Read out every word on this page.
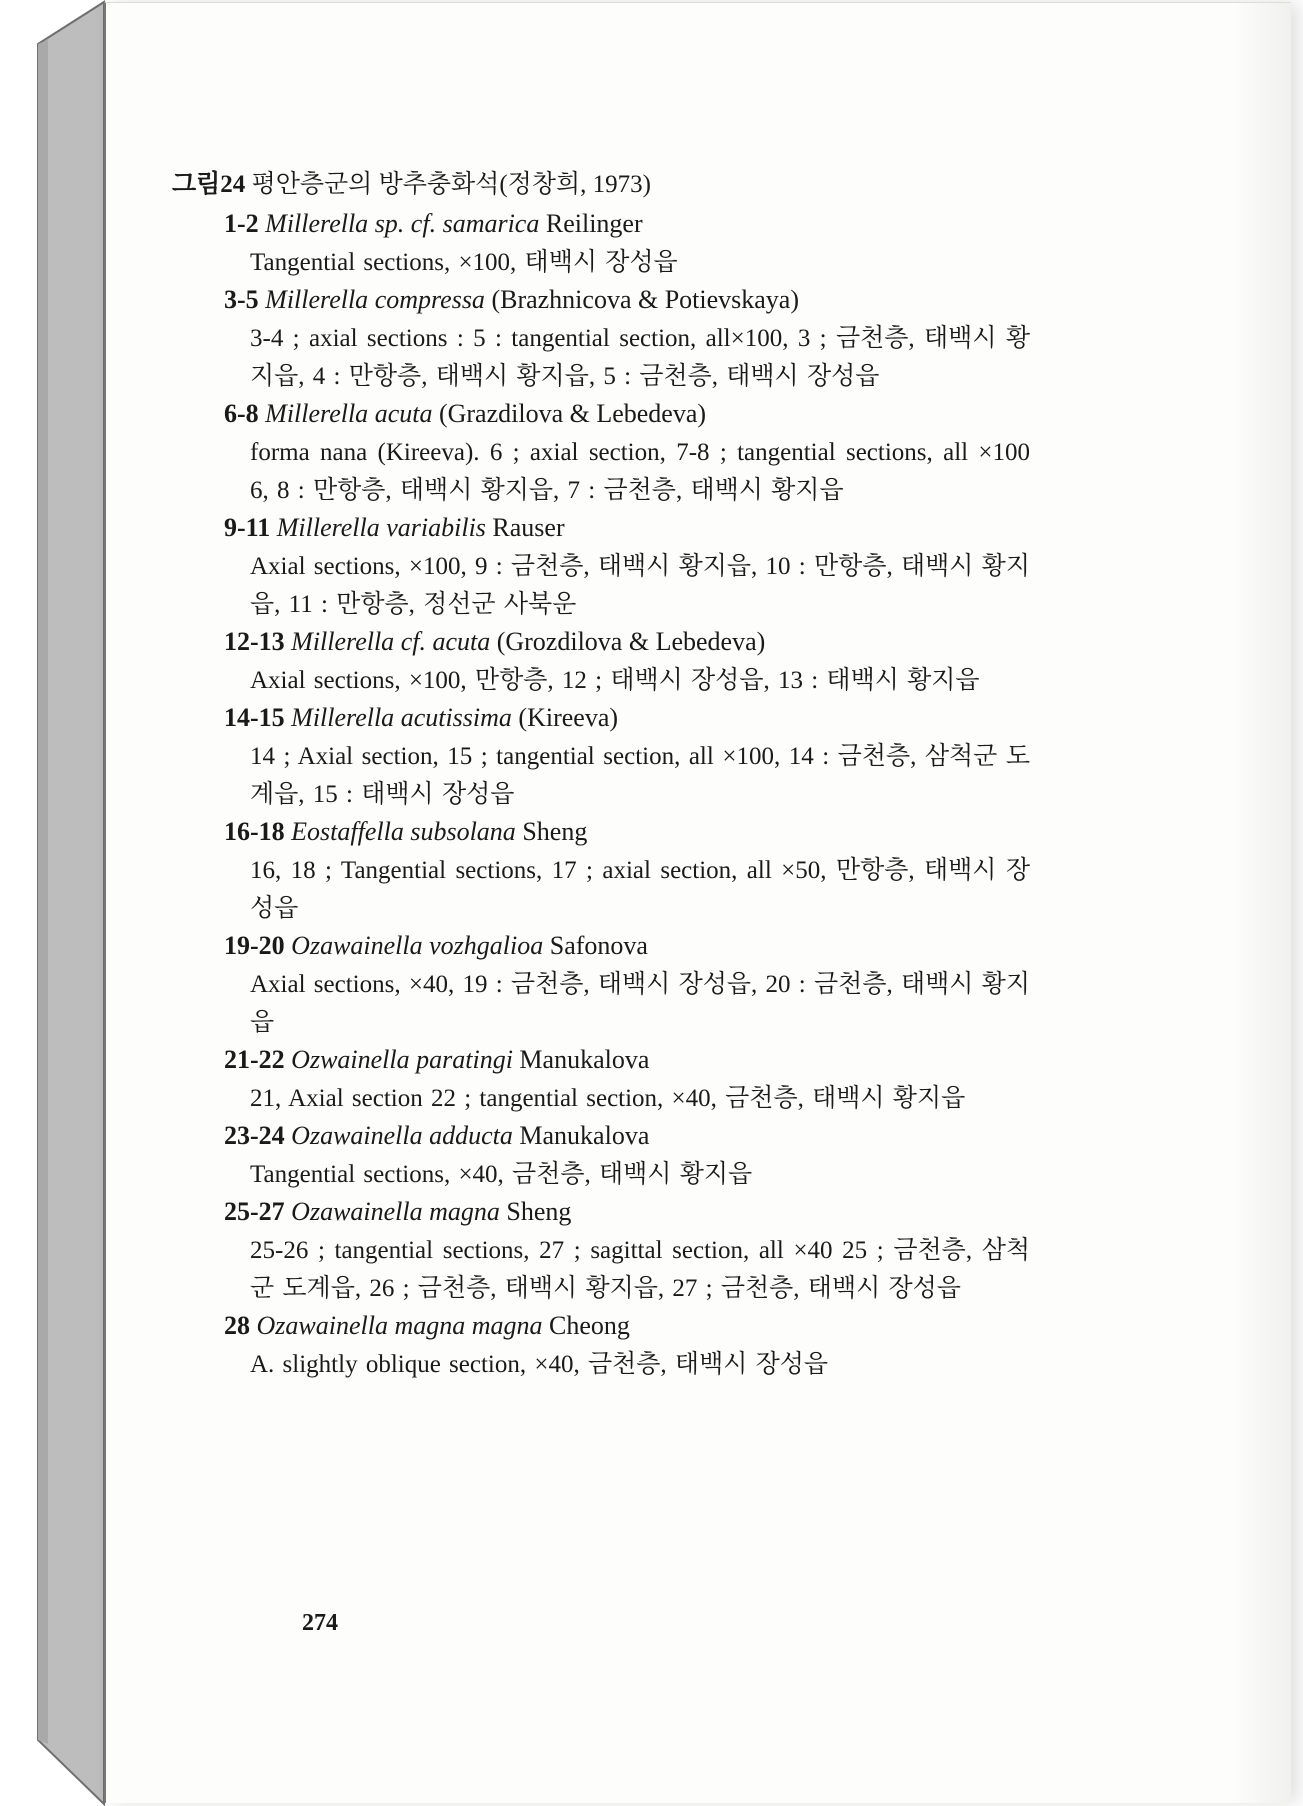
그림24 평안층군의 방추충화석(정창희, 1973)
1-2 Millerella sp. cf. samarica Reilinger
Tangential sections, ×100, 태백시 장성읍
3-5 Millerella compressa (Brazhnicova & Potievskaya)
3-4 ; axial sections : 5 : tangential section, all×100, 3 ; 금천층, 태백시 황지읍, 4 : 만항층, 태백시 황지읍, 5 : 금천층, 태백시 장성읍
6-8 Millerella acuta (Grazdilova & Lebedeva)
forma nana (Kireeva). 6 ; axial section, 7-8 ; tangential sections, all ×100 6, 8 : 만항층, 태백시 황지읍, 7 : 금천층, 태백시 황지읍
9-11 Millerella variabilis Rauser
Axial sections, ×100, 9 : 금천층, 태백시 황지읍, 10 : 만항층, 태백시 황지읍, 11 : 만항층, 정선군 사북운
12-13 Millerella cf. acuta (Grozdilova & Lebedeva)
Axial sections, ×100, 만항층, 12 ; 태백시 장성읍, 13 : 태백시 황지읍
14-15 Millerella acutissima (Kireeva)
14 ; Axial section, 15 ; tangential section, all ×100, 14 : 금천층, 삼척군 도계읍, 15 : 태백시 장성읍
16-18 Eostaffella subsolana Sheng
16, 18 ; Tangential sections, 17 ; axial section, all ×50, 만항층, 태백시 장성읍
19-20 Ozawainella vozhgalioa Safonova
Axial sections, ×40, 19 : 금천층, 태백시 장성읍, 20 : 금천층, 태백시 황지읍
21-22 Ozwainella paratingi Manukalova
21, Axial section 22 ; tangential section, ×40, 금천층, 태백시 황지읍
23-24 Ozawainella adducta Manukalova
Tangential sections, ×40, 금천층, 태백시 황지읍
25-27 Ozawainella magna Sheng
25-26 ; tangential sections, 27 ; sagittal section, all ×40 25 ; 금천층, 삼척군 도계읍, 26 ; 금천층, 태백시 황지읍, 27 ; 금천층, 태백시 장성읍
28 Ozawainella magna magna Cheong
A. slightly oblique section, ×40, 금천층, 태백시 장성읍
274
